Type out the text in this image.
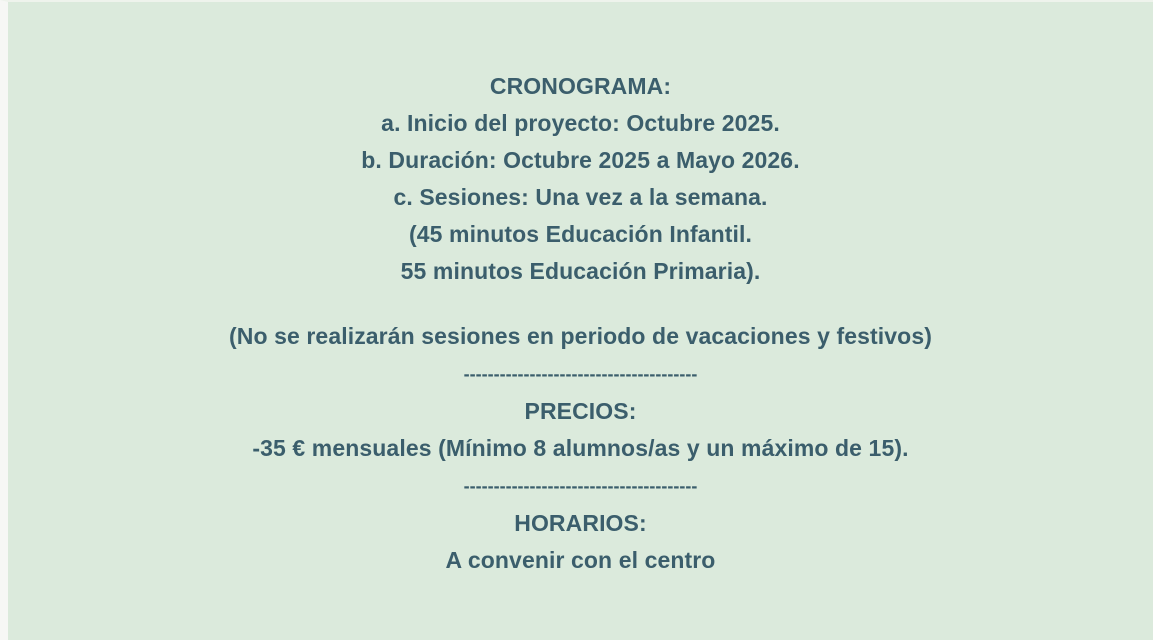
CRONOGRAMA:
a. Inicio del proyecto: Octubre 2025.
b. Duración: Octubre 2025 a Mayo 2026.
c. Sesiones: Una vez a la semana.
(45 minutos Educación Infantil.
55 minutos Educación Primaria).
(No se realizarán sesiones en periodo de vacaciones y festivos)
---------------------------------------
PRECIOS:
-35 € mensuales (Mínimo 8 alumnos/as y un máximo de 15).
---------------------------------------
HORARIOS:
A convenir con el centro
